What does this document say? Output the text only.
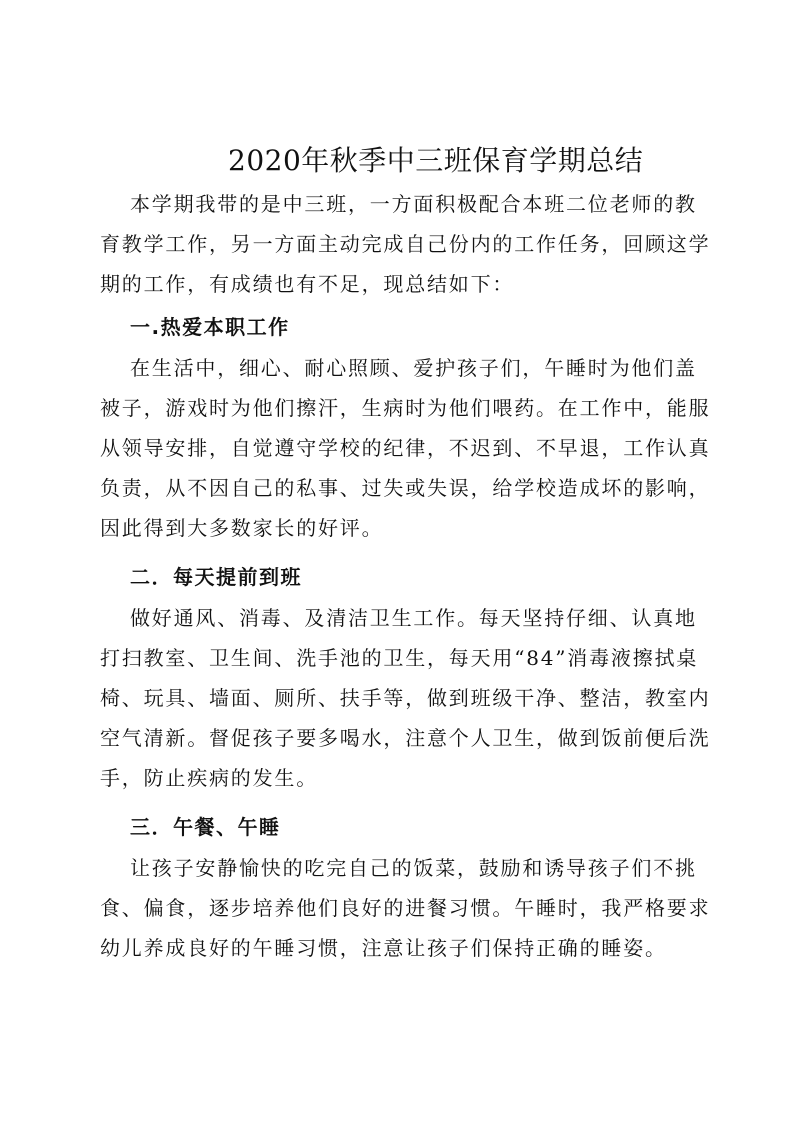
2020年秋季中三班保育学期总结
本学期我带的是中三班，一方面积极配合本班二位老师的教
育教学工作，另一方面主动完成自己份内的工作任务，回顾这学
期的工作，有成绩也有不足，现总结如下：
一.热爱本职工作
在生活中，细心、耐心照顾、爱护孩子们，午睡时为他们盖
被子，游戏时为他们擦汗，生病时为他们喂药。在工作中，能服
从领导安排，自觉遵守学校的纪律，不迟到、不早退，工作认真
负责，从不因自己的私事、过失或失误，给学校造成坏的影响，
因此得到大多数家长的好评。
二．每天提前到班
做好通风、消毒、及清洁卫生工作。每天坚持仔细、认真地
打扫教室、卫生间、洗手池的卫生，每天用“84”消毒液擦拭桌
椅、玩具、墙面、厕所、扶手等，做到班级干净、整洁，教室内
空气清新。督促孩子要多喝水，注意个人卫生，做到饭前便后洗
手，防止疾病的发生。
三．午餐、午睡
让孩子安静愉快的吃完自己的饭菜，鼓励和诱导孩子们不挑
食、偏食，逐步培养他们良好的进餐习惯。午睡时，我严格要求
幼儿养成良好的午睡习惯，注意让孩子们保持正确的睡姿。
